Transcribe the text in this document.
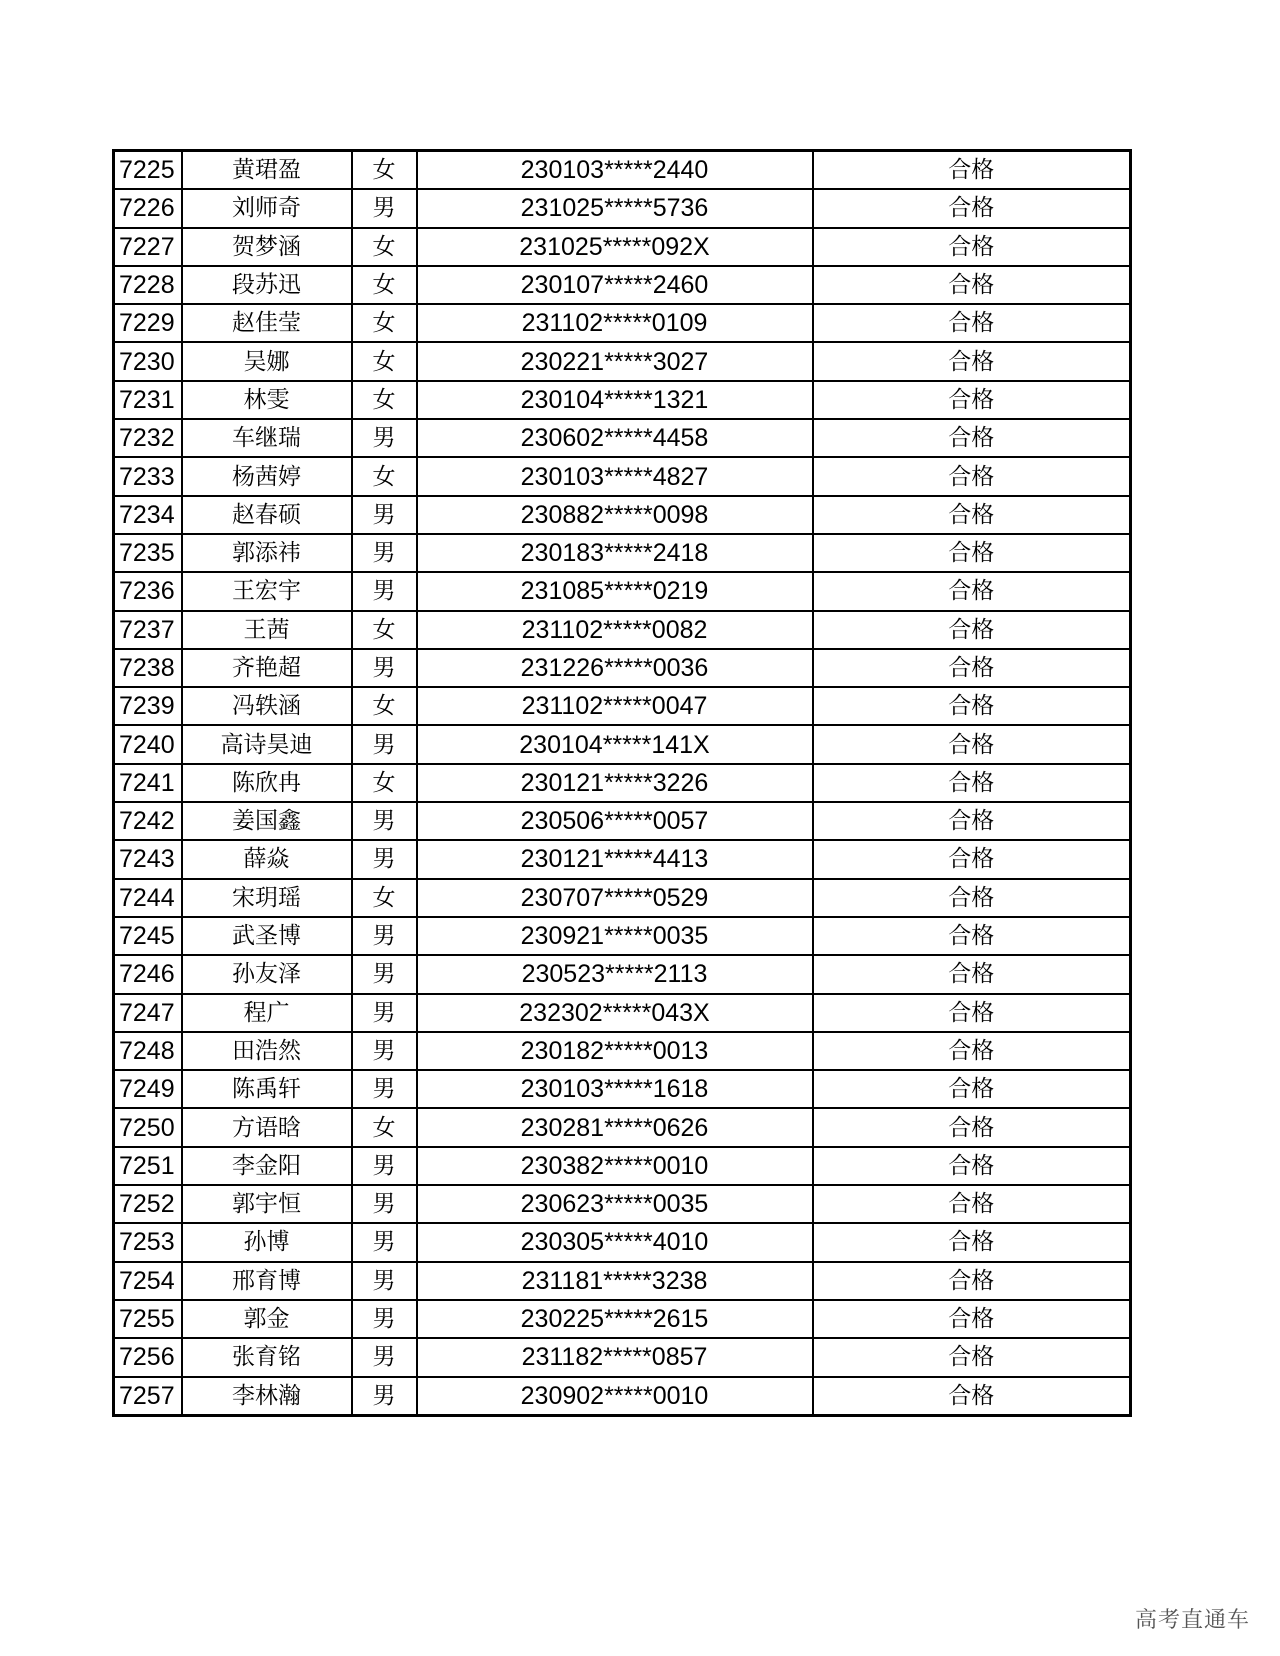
7225	黄珺盈	女	230103*****2440	合格
7226	刘师奇	男	231025*****5736	合格
7227	贺梦涵	女	231025*****092X	合格
7228	段苏迅	女	230107*****2460	合格
7229	赵佳莹	女	231102*****0109	合格
7230	吴娜	女	230221*****3027	合格
7231	林雯	女	230104*****1321	合格
7232	车继瑞	男	230602*****4458	合格
7233	杨茜婷	女	230103*****4827	合格
7234	赵春硕	男	230882*****0098	合格
7235	郭添祎	男	230183*****2418	合格
7236	王宏宇	男	231085*****0219	合格
7237	王茜	女	231102*****0082	合格
7238	齐艳超	男	231226*****0036	合格
7239	冯轶涵	女	231102*****0047	合格
7240	高诗昊迪	男	230104*****141X	合格
7241	陈欣冉	女	230121*****3226	合格
7242	姜国鑫	男	230506*****0057	合格
7243	薛焱	男	230121*****4413	合格
7244	宋玥瑶	女	230707*****0529	合格
7245	武圣博	男	230921*****0035	合格
7246	孙友泽	男	230523*****2113	合格
7247	程广	男	232302*****043X	合格
7248	田浩然	男	230182*****0013	合格
7249	陈禹轩	男	230103*****1618	合格
7250	方语晗	女	230281*****0626	合格
7251	李金阳	男	230382*****0010	合格
7252	郭宇恒	男	230623*****0035	合格
7253	孙博	男	230305*****4010	合格
7254	邢育博	男	231181*****3238	合格
7255	郭金	男	230225*****2615	合格
7256	张育铭	男	231182*****0857	合格
7257	李林瀚	男	230902*****0010	合格
高考直通车
